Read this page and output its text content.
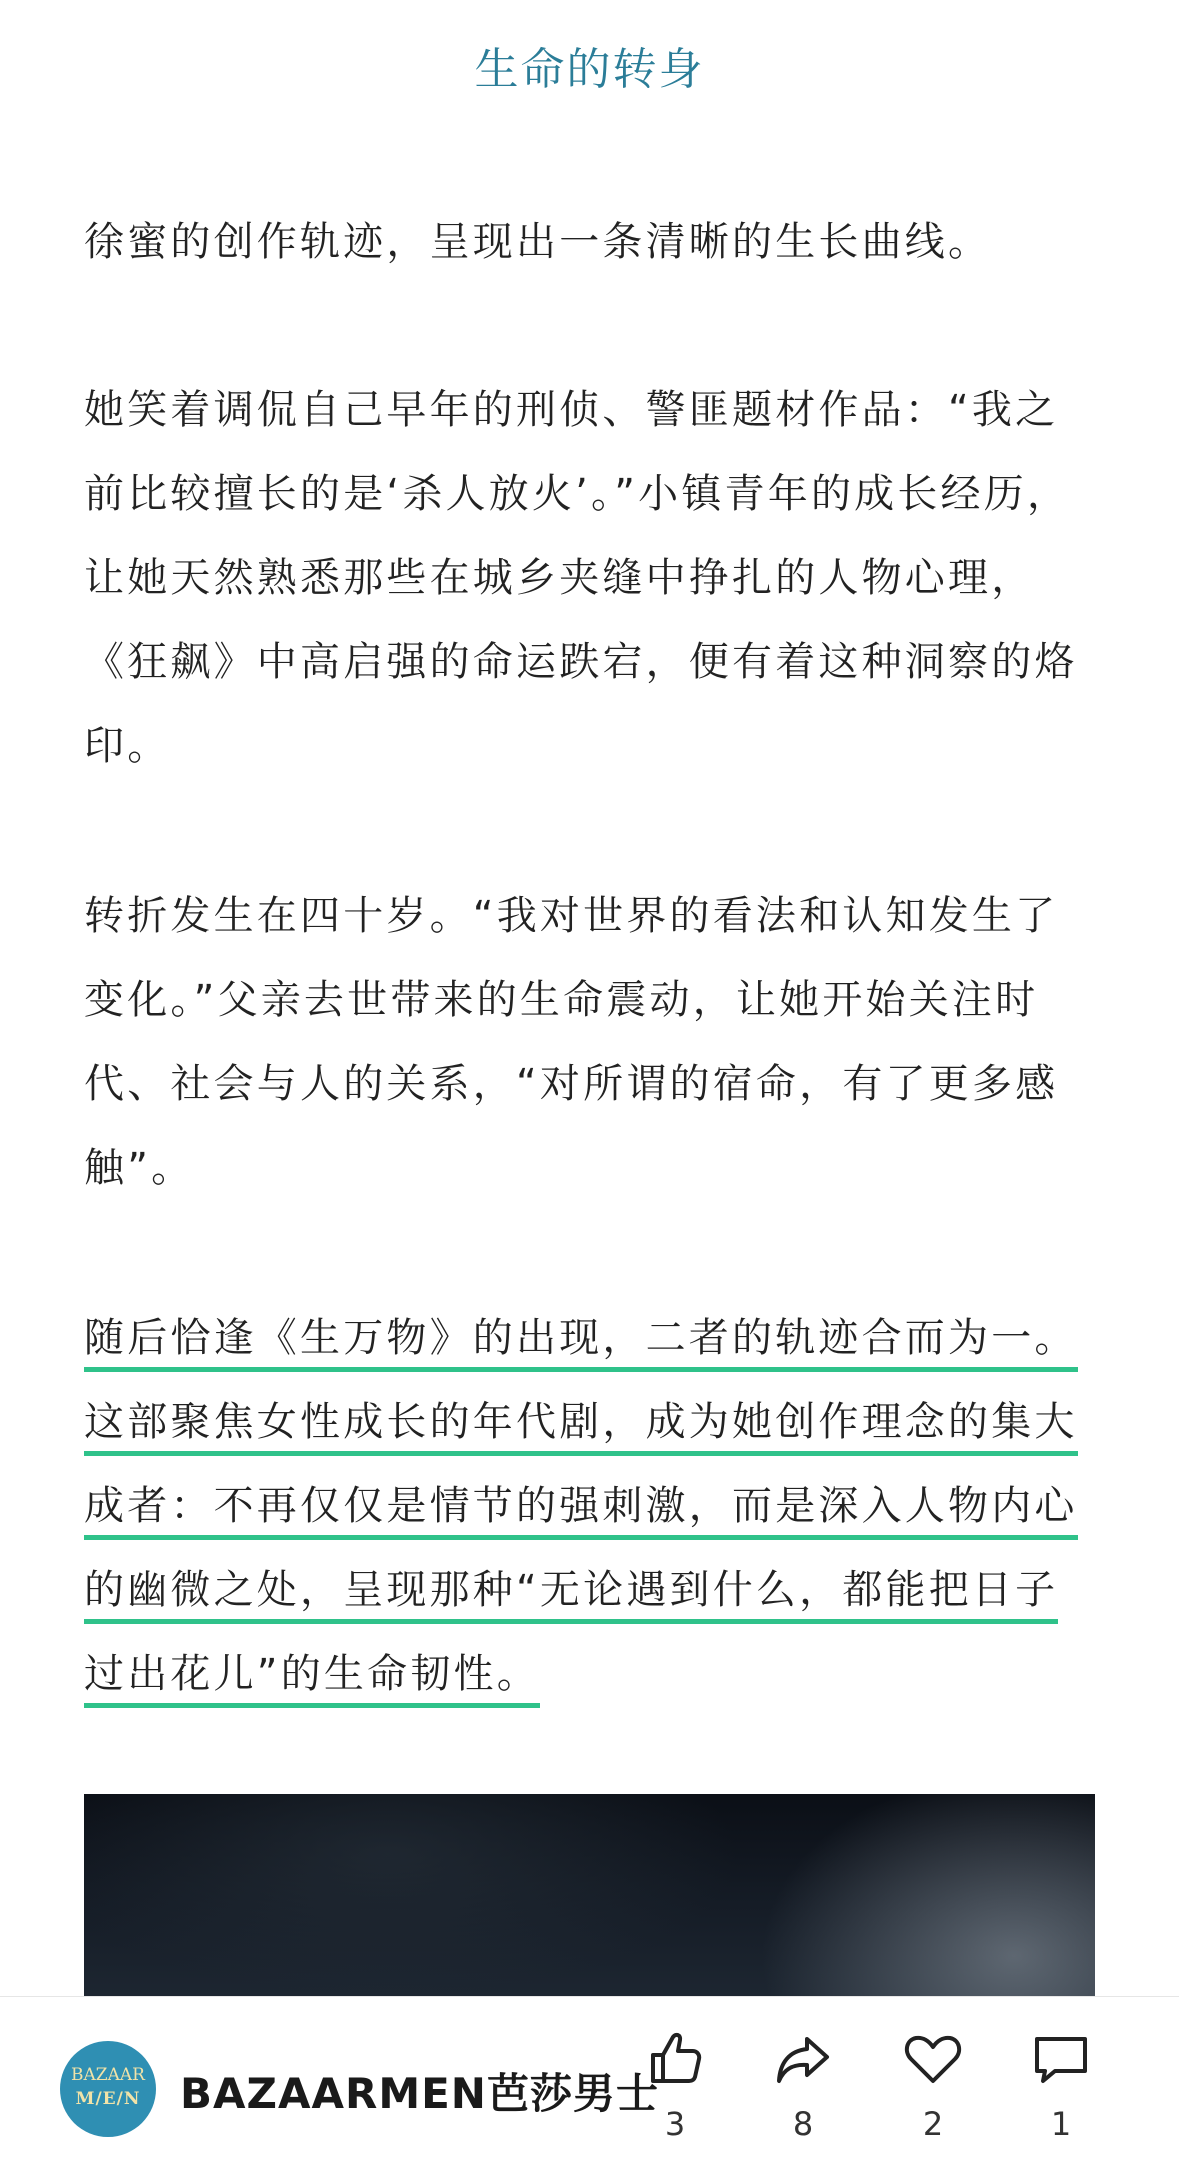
生命的转身

徐蜜的创作轨迹，呈现出一条清晰的生长曲线。

她笑着调侃自己早年的刑侦、警匪题材作品：“我之前比较擅长的是‘杀人放火’。”小镇青年的成长经历，让她天然熟悉那些在城乡夹缝中挣扎的人物心理，《狂飙》中高启强的命运跌宕，便有着这种洞察的烙印。

转折发生在四十岁。“我对世界的看法和认知发生了变化。”父亲去世带来的生命震动，让她开始关注时代、社会与人的关系，“对所谓的宿命，有了更多感触”。

随后恰逢《生万物》的出现，二者的轨迹合而为一。这部聚焦女性成长的年代剧，成为她创作理念的集大成者：不再仅仅是情节的强刺激，而是深入人物内心的幽微之处，呈现那种“无论遇到什么，都能把日子过出花儿”的生命韧性。

BAZAAR
M/E/N BAZAARMEN芭莎男士
3	8	2	1
